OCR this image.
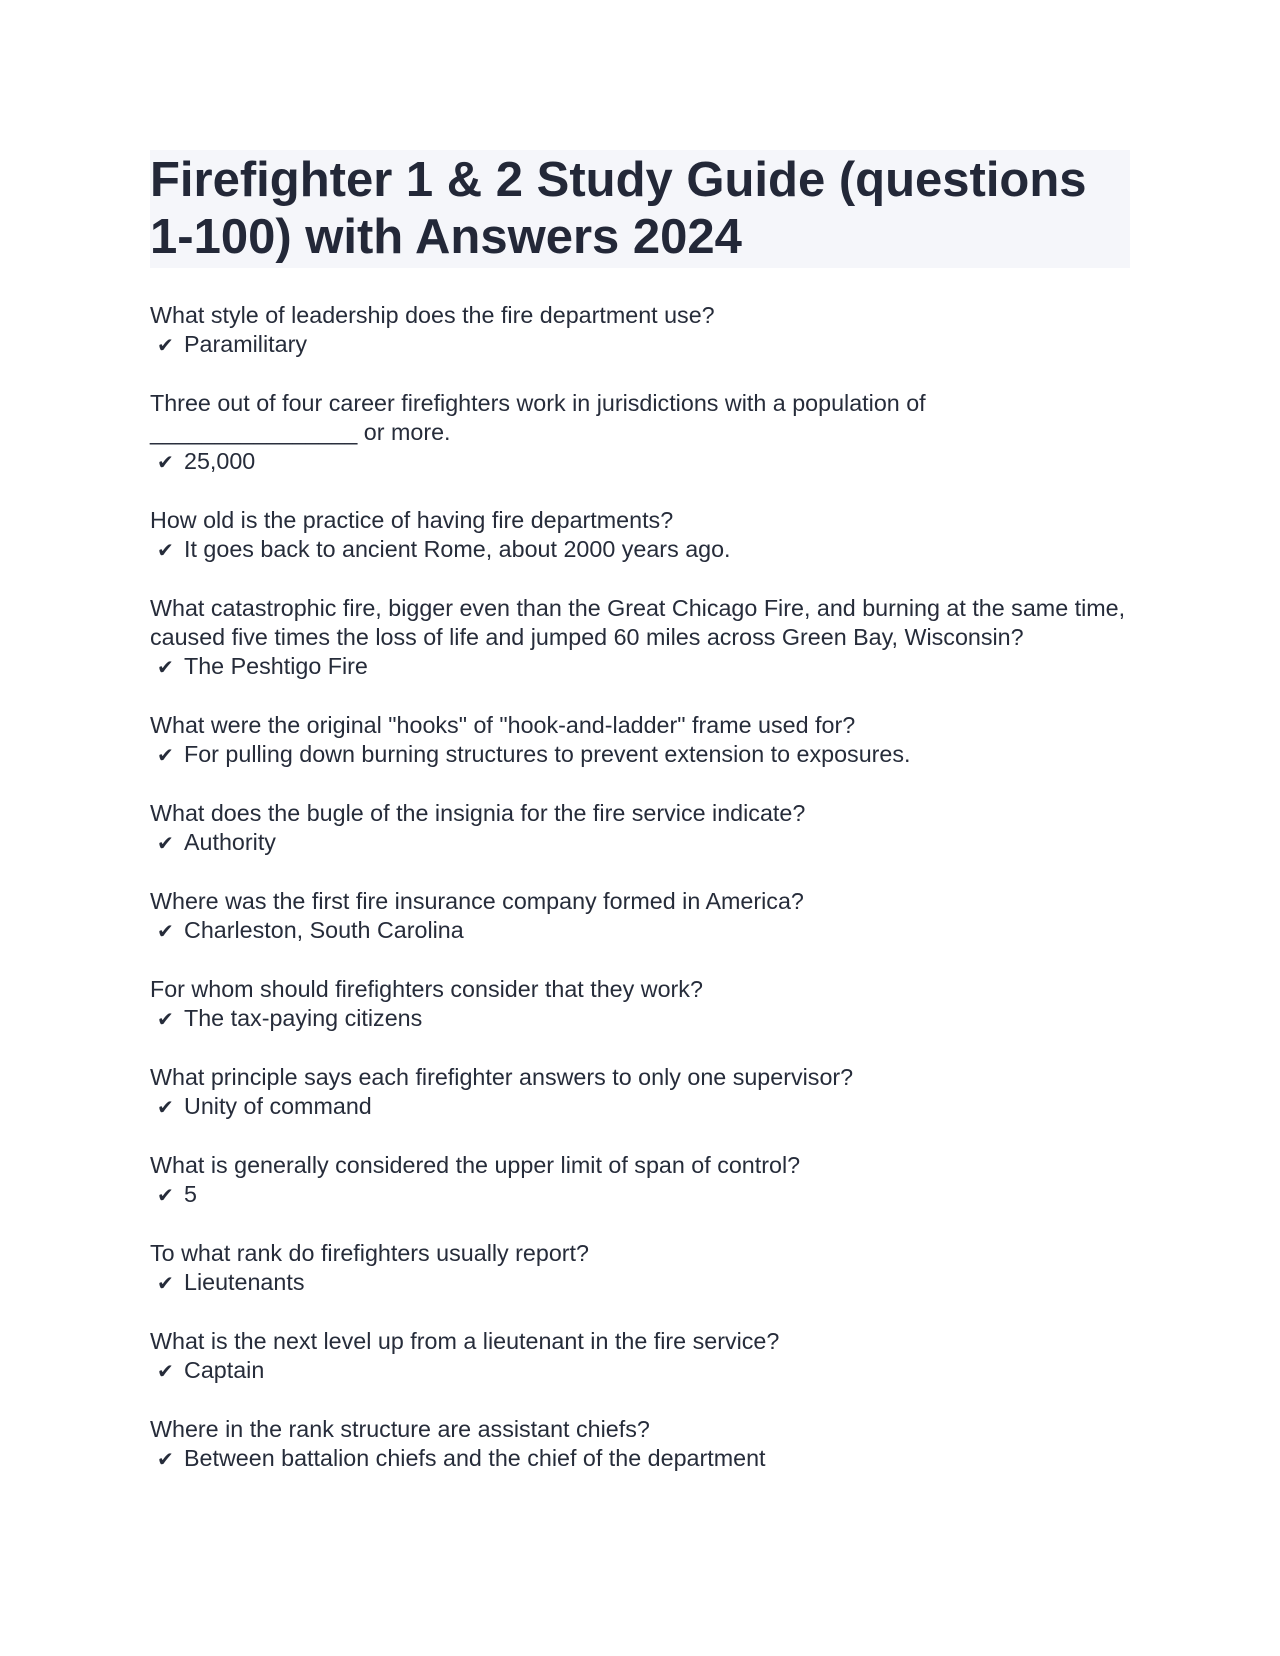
Firefighter 1 & 2 Study Guide (questions 1-100) with Answers 2024

What style of leadership does the fire department use?

✔ Paramilitary

Three out of four career firefighters work in jurisdictions with a population of ________________ or more.

✔ 25,000

How old is the practice of having fire departments?

✔ It goes back to ancient Rome, about 2000 years ago.

What catastrophic fire, bigger even than the Great Chicago Fire, and burning at the same time, caused five times the loss of life and jumped 60 miles across Green Bay, Wisconsin?

✔ The Peshtigo Fire

What were the original "hooks" of "hook-and-ladder" frame used for?

✔ For pulling down burning structures to prevent extension to exposures.

What does the bugle of the insignia for the fire service indicate?

✔ Authority

Where was the first fire insurance company formed in America?

✔ Charleston, South Carolina

For whom should firefighters consider that they work?

✔ The tax-paying citizens

What principle says each firefighter answers to only one supervisor?

✔ Unity of command

What is generally considered the upper limit of span of control?

✔ 5

To what rank do firefighters usually report?

✔ Lieutenants

What is the next level up from a lieutenant in the fire service?

✔ Captain

Where in the rank structure are assistant chiefs?

✔ Between battalion chiefs and the chief of the department
